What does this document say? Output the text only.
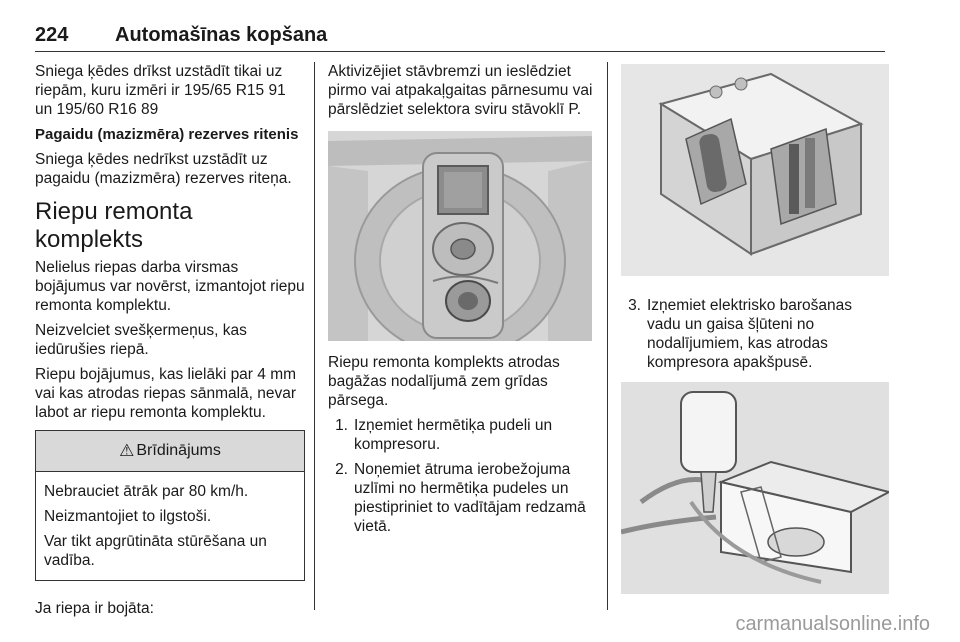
224 Automašīnas kopšana

Sniega ķēdes drīkst uzstādīt tikai uz riepām, kuru izmēri ir 195/65 R15 91 un 195/60 R16 89

Pagaidu (mazizmēra) rezerves ritenis

Sniega ķēdes nedrīkst uzstādīt uz pagaidu (mazizmēra) rezerves riteņa.

Riepu remonta komplekts

Nelielus riepas darba virsmas bojājumus var novērst, izmantojot riepu remonta komplektu.

Neizvelciet svešķermeņus, kas iedūrušies riepā.

Riepu bojājumus, kas lielāki par 4 mm vai kas atrodas riepas sānmalā, nevar labot ar riepu remonta komplektu.

⚠ Brīdinājums

Nebrauciet ātrāk par 80 km/h.

Neizmantojiet to ilgstoši.

Var tikt apgrūtināta stūrēšana un vadība.

Ja riepa ir bojāta:

Aktivizējiet stāvbremzi un ieslēdziet pirmo vai atpakaļgaitas pārnesumu vai pārslēdziet selektora sviru stāvoklī P.

Riepu remonta komplekts atrodas bagāžas nodalījumā zem grīdas pārsega.

1. Izņemiet hermētiķa pudeli un kompresoru.
2. Noņemiet ātruma ierobežojuma uzlīmi no hermētiķa pudeles un piestipriniet to vadītājam redzamā vietā.
3. Izņemiet elektrisko barošanas vadu un gaisa šļūteni no nodalījumiem, kas atrodas kompresora apakšpusē.
carmanualsonline.info
